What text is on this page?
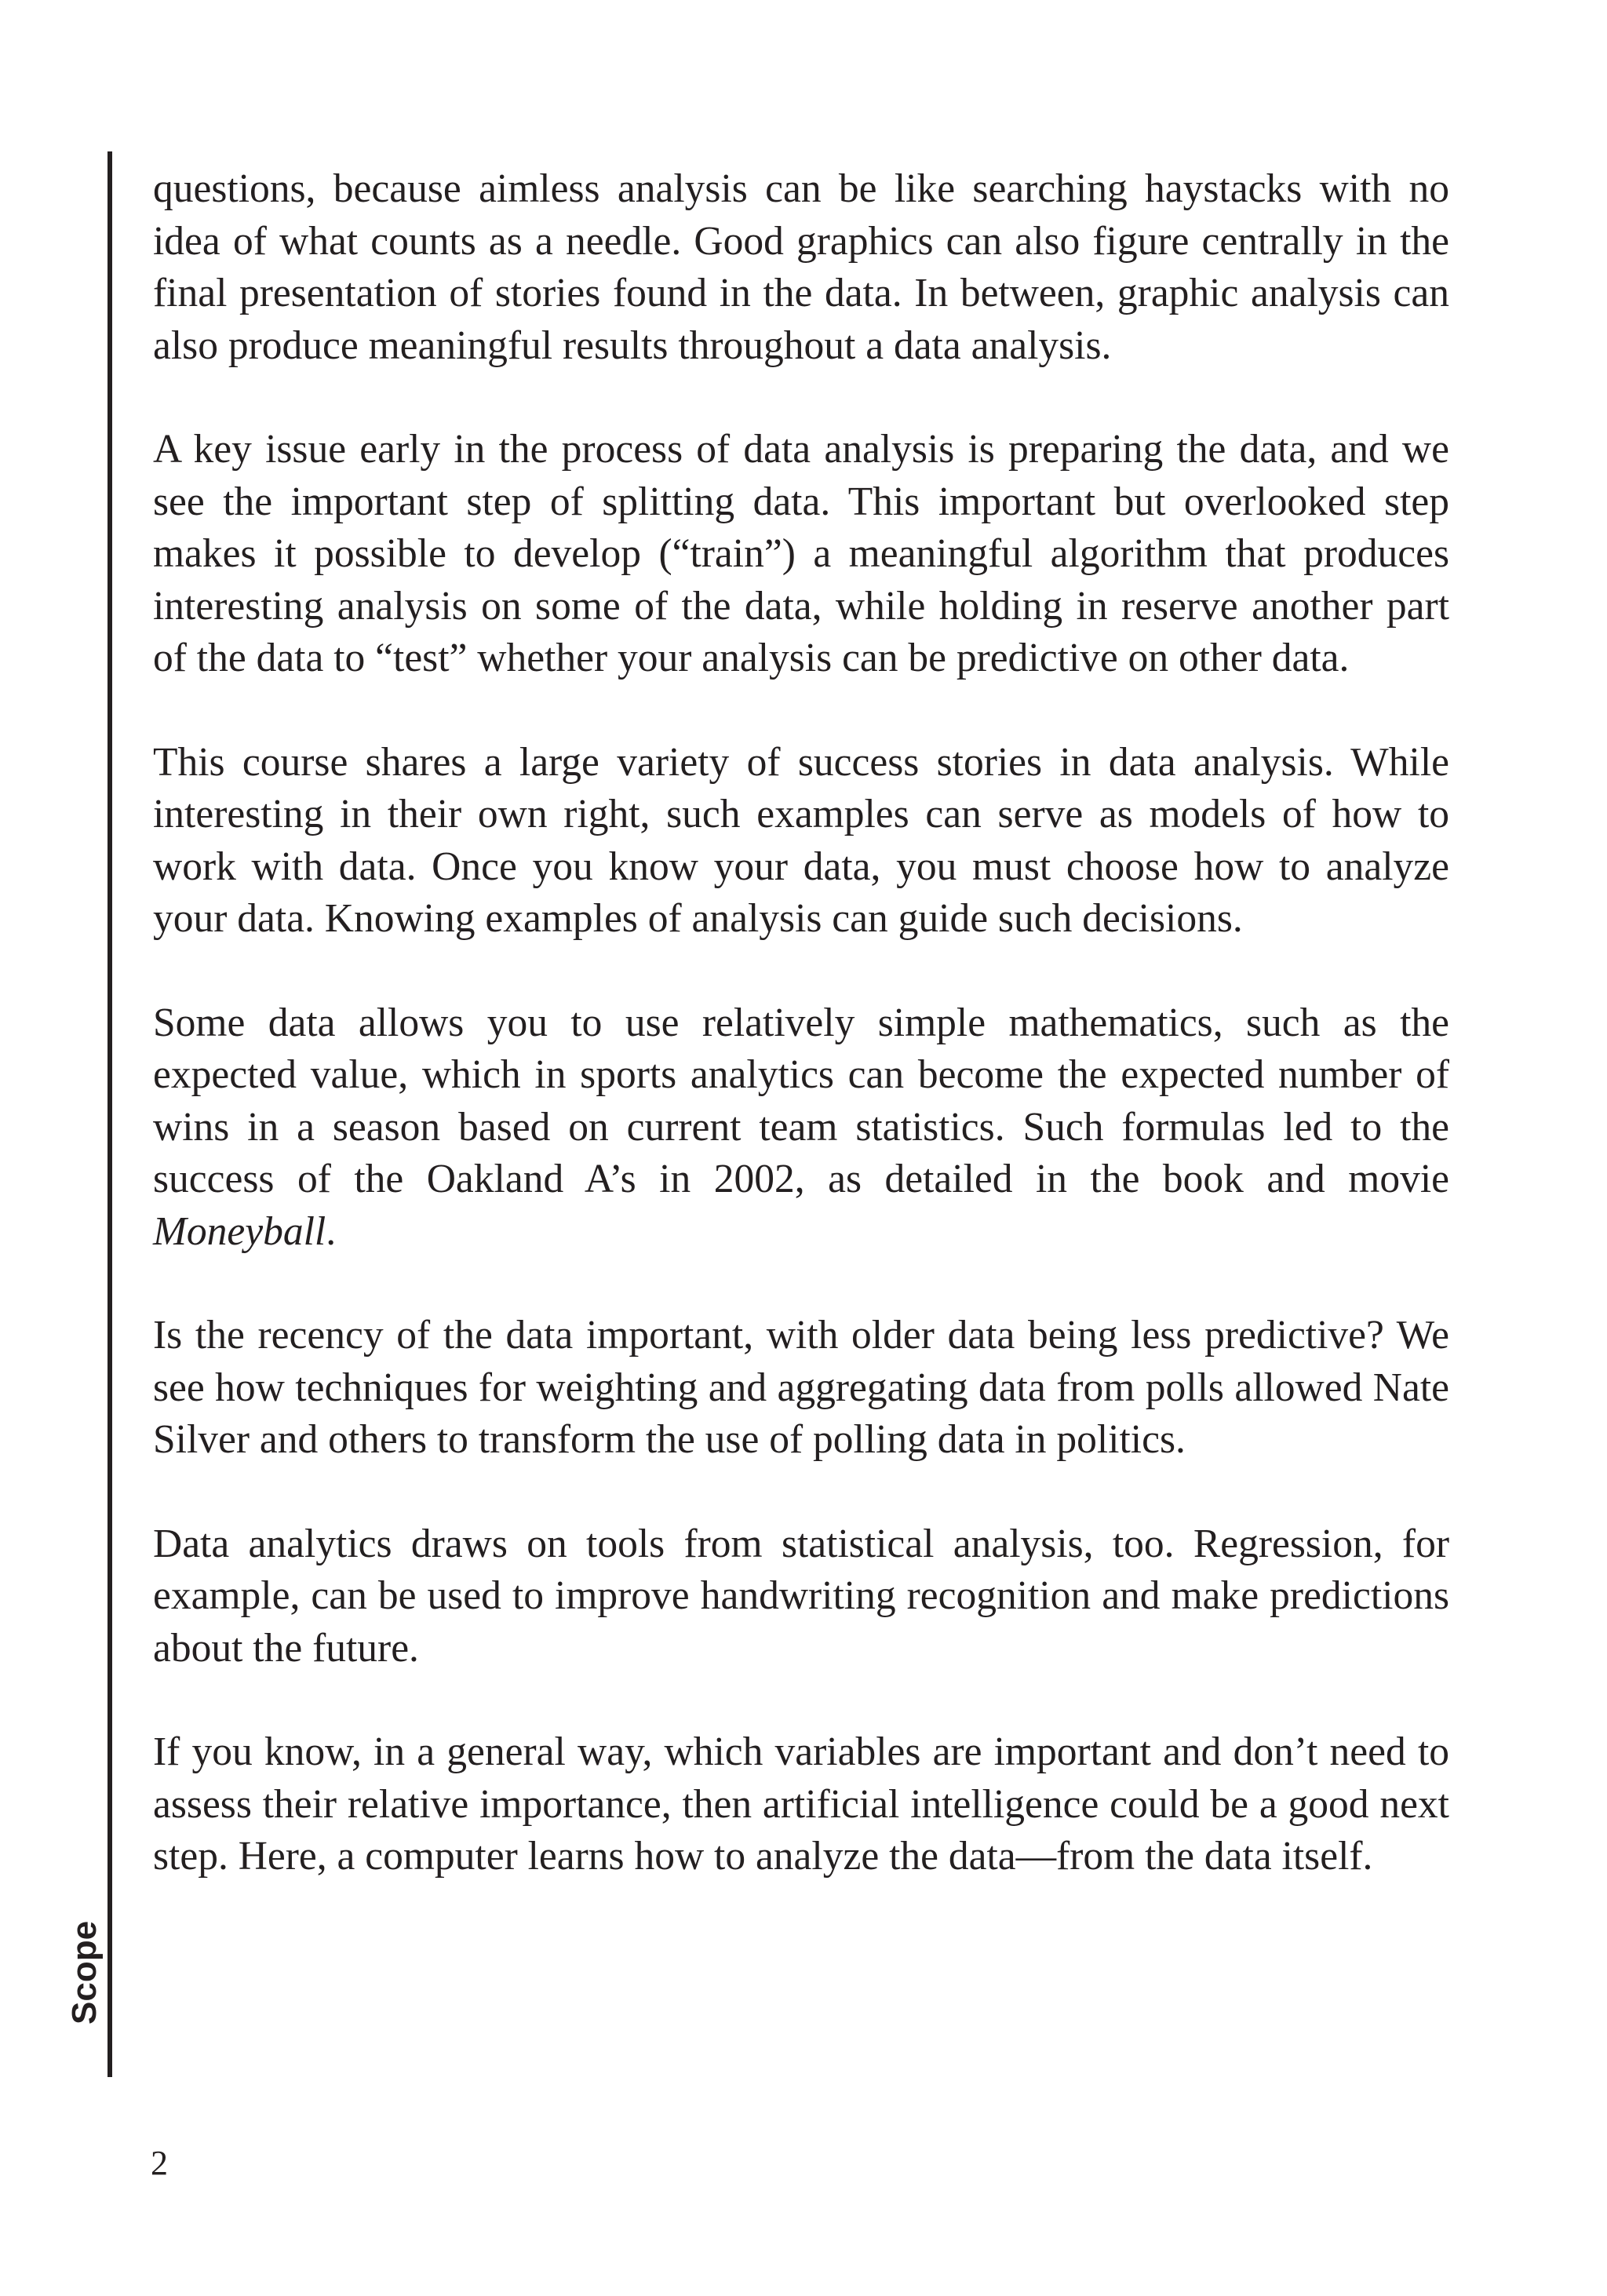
Scope

questions, because aimless analysis can be like searching haystacks with no idea of what counts as a needle. Good graphics can also figure centrally in the final presentation of stories found in the data. In between, graphic analysis can also produce meaningful results throughout a data analysis.

A key issue early in the process of data analysis is preparing the data, and we see the important step of splitting data. This important but overlooked step makes it possible to develop (“train”) a meaningful algorithm that produces interesting analysis on some of the data, while holding in reserve another part of the data to “test” whether your analysis can be predictive on other data.

This course shares a large variety of success stories in data analysis. While interesting in their own right, such examples can serve as models of how to work with data. Once you know your data, you must choose how to analyze your data. Knowing examples of analysis can guide such decisions.

Some data allows you to use relatively simple mathematics, such as the expected value, which in sports analytics can become the expected number of wins in a season based on current team statistics. Such formulas led to the success of the Oakland A’s in 2002, as detailed in the book and movie Moneyball.

Is the recency of the data important, with older data being less predictive? We see how techniques for weighting and aggregating data from polls allowed Nate Silver and others to transform the use of polling data in politics.

Data analytics draws on tools from statistical analysis, too. Regression, for example, can be used to improve handwriting recognition and make predictions about the future.

If you know, in a general way, which variables are important and don’t need to assess their relative importance, then artificial intelligence could be a good next step. Here, a computer learns how to analyze the data—from the data itself.

2
